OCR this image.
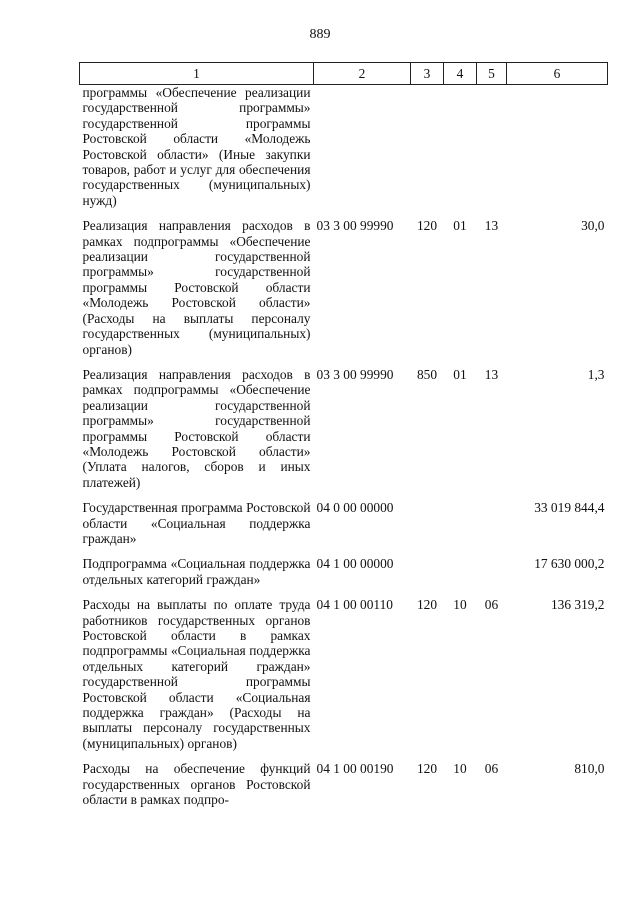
889
1	2	3	4	5	6
программы «Обеспечение реализации государственной программы» государственной программы Ростовской области «Молодежь Ростовской области» (Иные закупки товаров, работ и услуг для обеспечения государственных (муниципальных) нужд)					

Реализация направления расходов в рамках подпрограммы «Обеспечение реализации государственной программы» государственной программы Ростовской области «Молодежь Ростовской области» (Расходы на выплаты персоналу государственных (муниципальных) органов)	03 3 00 99990	120	01	13	30,0

Реализация направления расходов в рамках подпрограммы «Обеспечение реализации государственной программы» государственной программы Ростовской области «Молодежь Ростовской области» (Уплата налогов, сборов и иных платежей)	03 3 00 99990	850	01	13	1,3

Государственная программа Ростовской области «Социальная поддержка граждан»	04 0 00 00000				33 019 844,4

Подпрограмма «Социальная поддержка отдельных категорий граждан»	04 1 00 00000				17 630 000,2

Расходы на выплаты по оплате труда работников государственных органов Ростовской области в рамках подпрограммы «Социальная поддержка отдельных категорий граждан» государственной программы Ростовской области «Социальная поддержка граждан» (Расходы на выплаты персоналу государственных (муниципальных) органов)	04 1 00 00110	120	10	06	136 319,2

Расходы на обеспечение функций государственных органов Ростовской области в рамках подпро-	04 1 00 00190	120	10	06	810,0
